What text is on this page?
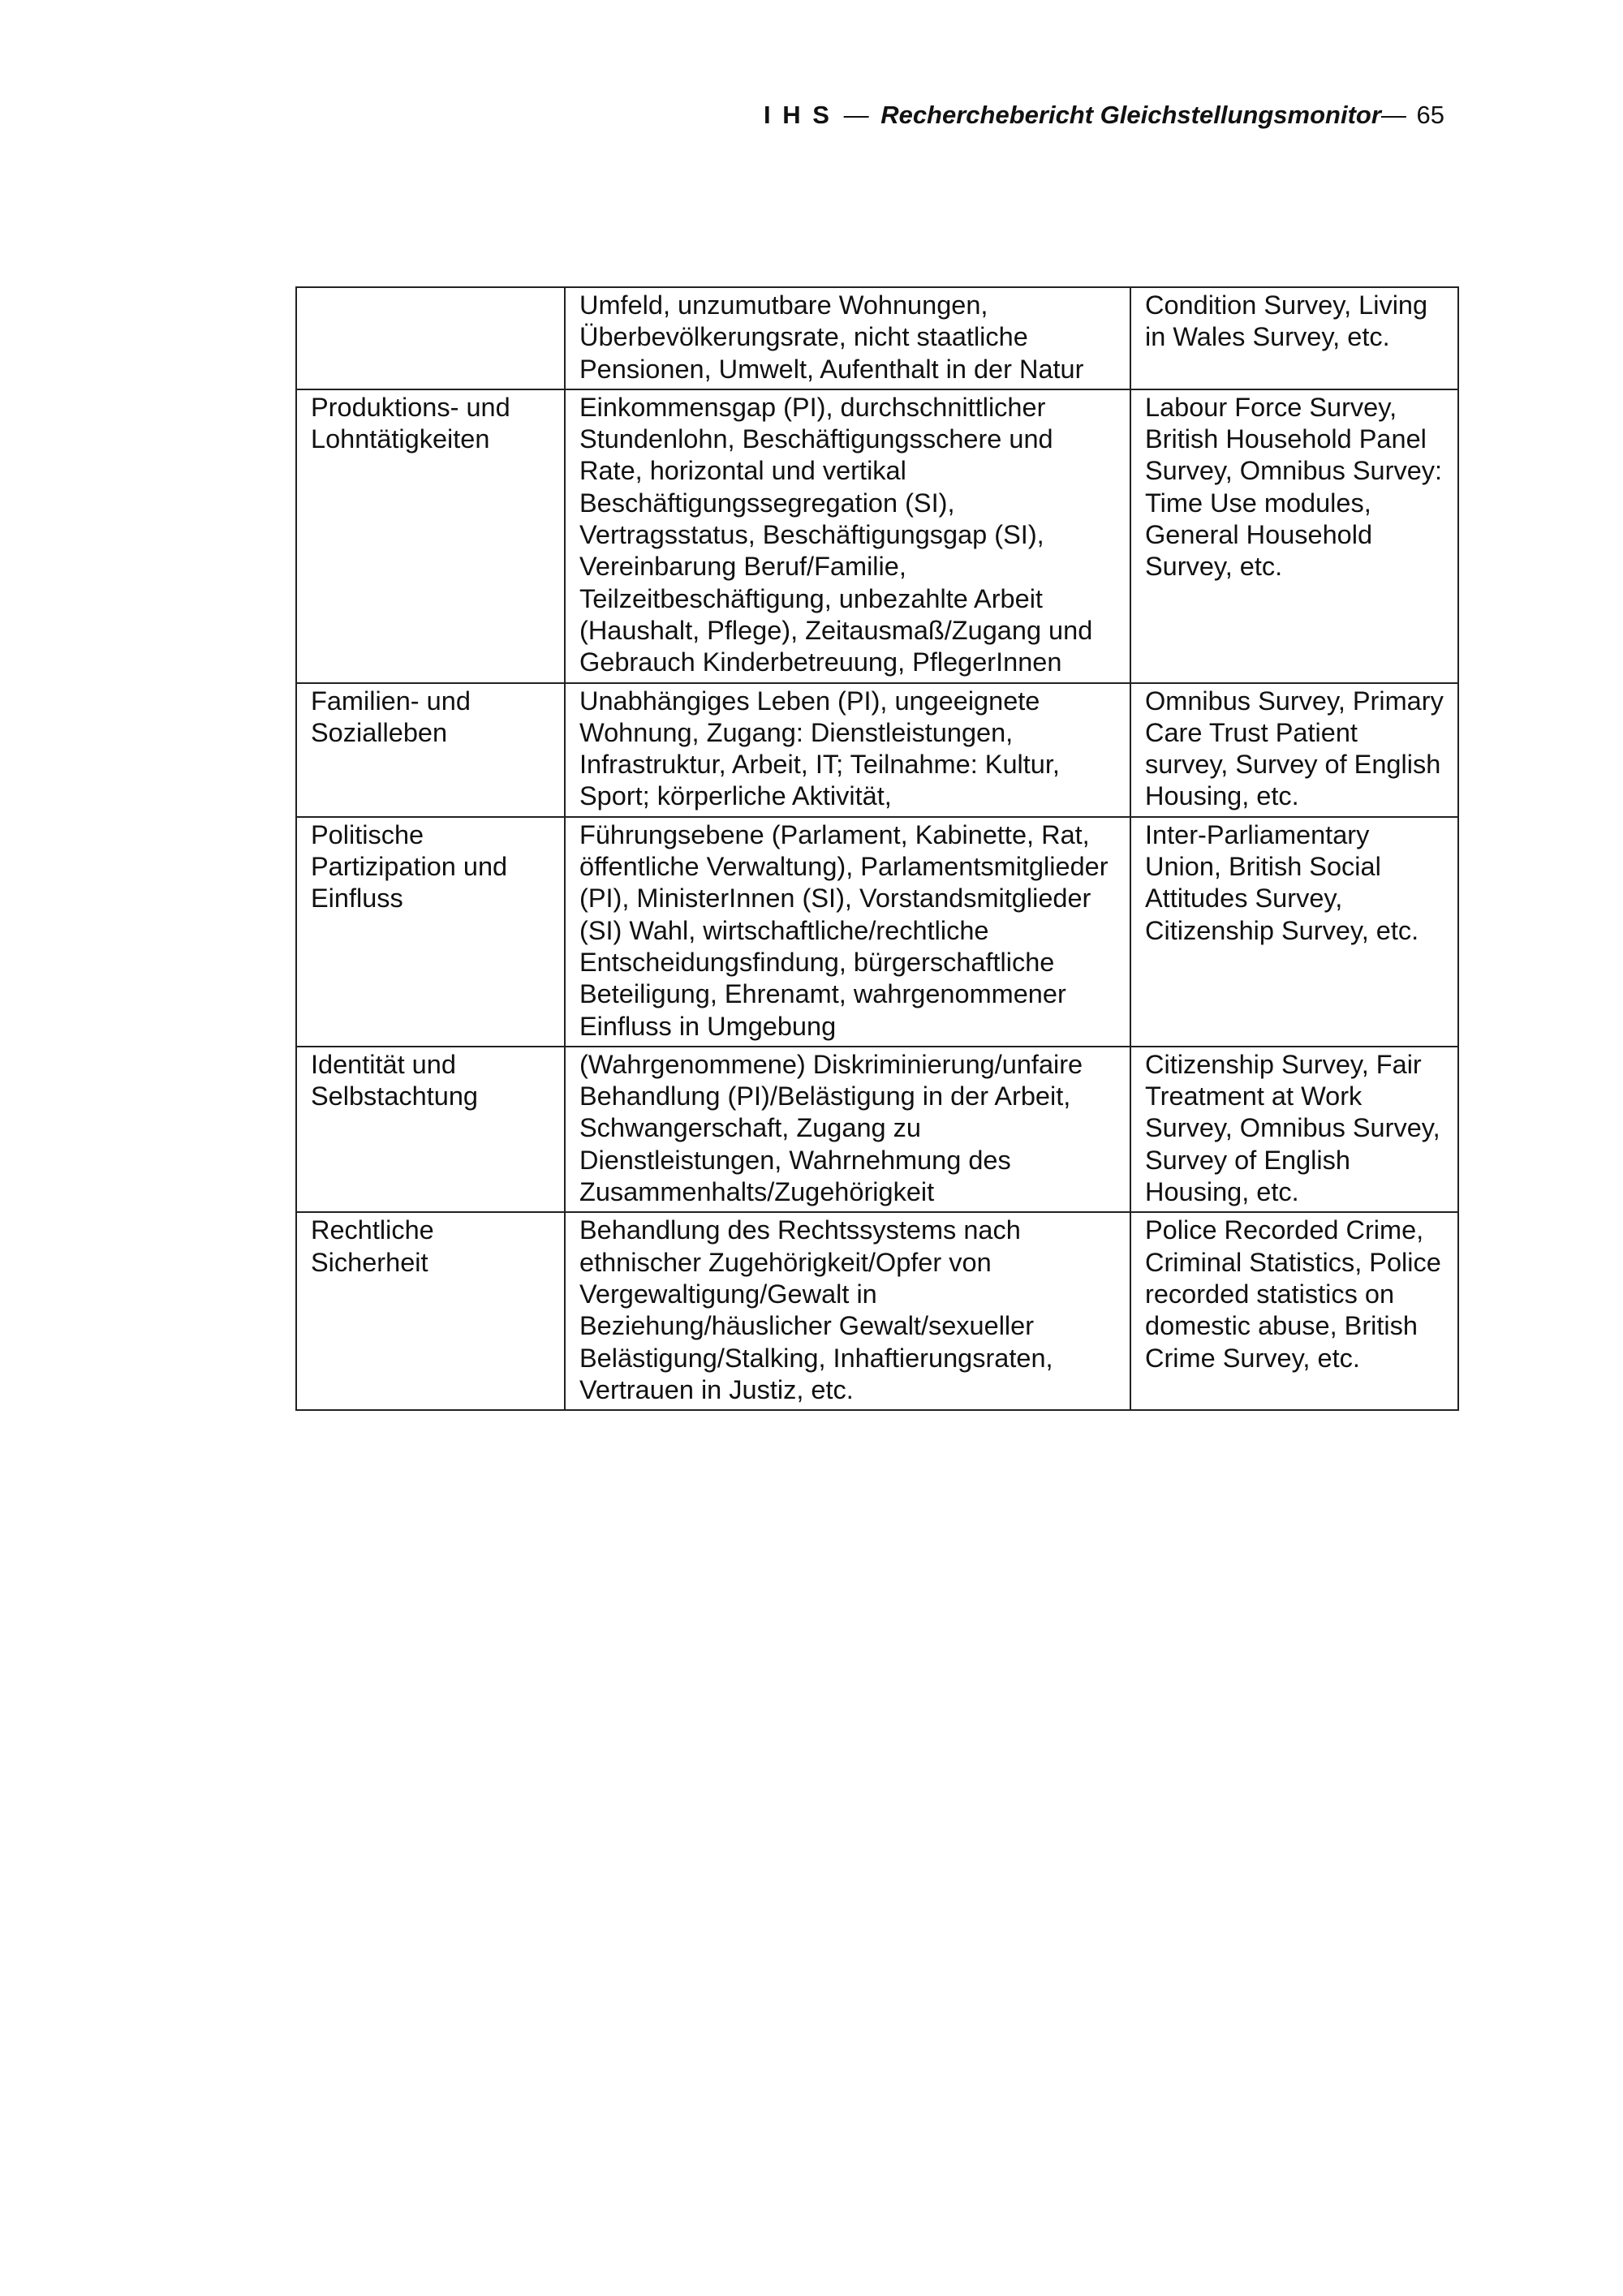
I H S — Recherchebericht Gleichstellungsmonitor— 65
	Umfeld, unzumutbare Wohnungen, Überbevölkerungsrate, nicht staatliche Pensionen, Umwelt, Aufenthalt in der Natur	Condition Survey, Living in Wales Survey, etc.
Produktions- und Lohntätigkeiten	Einkommensgap (PI), durchschnittlicher Stundenlohn, Beschäftigungsschere und Rate, horizontal und vertikal Beschäftigungssegregation (SI), Vertragsstatus, Beschäftigungsgap (SI), Vereinbarung Beruf/Familie, Teilzeitbeschäftigung, unbezahlte Arbeit (Haushalt, Pflege), Zeitausmaß/Zugang und Gebrauch Kinderbetreuung, PflegerInnen	Labour Force Survey, British Household Panel Survey, Omnibus Survey: Time Use modules, General Household Survey, etc.
Familien- und Sozialleben	Unabhängiges Leben (PI), ungeeignete Wohnung, Zugang: Dienstleistungen, Infrastruktur, Arbeit, IT; Teilnahme: Kultur, Sport; körperliche Aktivität,	Omnibus Survey, Primary Care Trust Patient survey, Survey of English Housing, etc.
Politische Partizipation und Einfluss	Führungsebene (Parlament, Kabinette, Rat, öffentliche Verwaltung), Parlamentsmitglieder (PI), MinisterInnen (SI), Vorstandsmitglieder (SI) Wahl, wirtschaftliche/rechtliche Entscheidungsfindung, bürgerschaftliche Beteiligung, Ehrenamt, wahrgenommener Einfluss in Umgebung	Inter-Parliamentary Union, British Social Attitudes Survey, Citizenship Survey, etc.
Identität und Selbstachtung	(Wahrgenommene) Diskriminierung/unfaire Behandlung (PI)/Belästigung in der Arbeit, Schwangerschaft, Zugang zu Dienstleistungen, Wahrnehmung des Zusammenhalts/Zugehörigkeit	Citizenship Survey, Fair Treatment at Work Survey, Omnibus Survey, Survey of English Housing, etc.
Rechtliche Sicherheit	Behandlung des Rechtssystems nach ethnischer Zugehörigkeit/Opfer von Vergewaltigung/Gewalt in Beziehung/häuslicher Gewalt/sexueller Belästigung/Stalking, Inhaftierungsraten, Vertrauen in Justiz, etc.	Police Recorded Crime, Criminal Statistics, Police recorded statistics on domestic abuse, British Crime Survey, etc.
